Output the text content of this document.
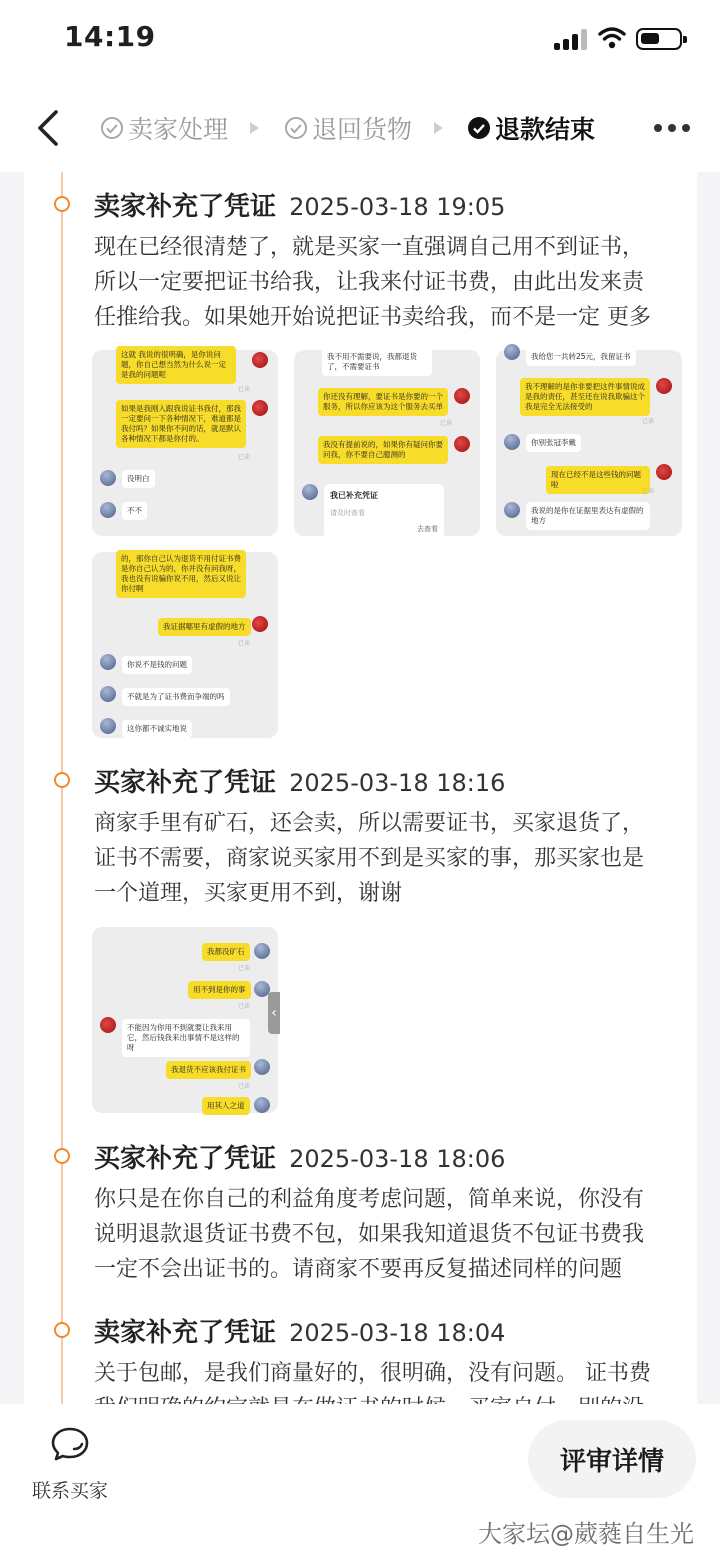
14:19
卖家处理	退回货物	退款结束
卖家补充了凭证 2025-03-18 19:05
现在已经很清楚了，就是买家一直强调自己用不到证书，
所以一定要把证书给我，让我来付证书费，由此出发来责
任推给我。如果她开始说把证书卖给我，而不是一定 更多
这就 我说的很明确，是你说问题，你自己想当然为什么说一定是我的问题呢
已读
如果是我刚入跟我说证书我付，那我一定要问一下各种情况下，难道都是我付吗？如果你不问的话，就是默认各种情况下都是你付的。
已读
没明白
不不
我不用不需要说，我都退货了，不需要证书
你还没有理解，要证书是你要的一个服务，所以你应该为这个服务去买单
已读
我没有提前说的，如果你有疑问你要问我，你不要自己臆测的
我已补充凭证
请及时查看
去查看
我给您一共转25元，我留证书
我不理解的是你非要把这件事情说成是我的责任，甚至还在说我欺骗这个我是完全无法接受的
已读
你别张冠李戴
现在已经不是这些钱的问题啦
已读
我说的是你在证据里表达有虚假的地方
的，那你自己认为退货不用付证书费是你自己认为的，你并没有问我呀，我也没有说骗你说不用，然后又说让你付啊
我证据哪里有虚假的地方
已读
你说不是钱的问题
不就是为了证书费而争端的吗
这你都不诚实地说
买家补充了凭证 2025-03-18 18:16
商家手里有矿石，还会卖，所以需要证书，买家退货了，
证书不需要，商家说买家用不到是买家的事，那买家也是
一个道理，买家更用不到，谢谢
我都没矿石
已读
用不到是你的事
已读
不能因为你用不到就要让我来用它，然后钱我来出事情不是这样的呀
我退货不应该我付证书
已读
用其人之道
‹
买家补充了凭证 2025-03-18 18:06
你只是在你自己的利益角度考虑问题，简单来说，你没有
说明退款退货证书费不包，如果我知道退货不包证书费我
一定不会出证书的。请商家不要再反复描述同样的问题
卖家补充了凭证 2025-03-18 18:04
关于包邮，是我们商量好的，很明确，没有问题。 证书费
联系买家
评审详情
大家坛@葳蕤自生光
